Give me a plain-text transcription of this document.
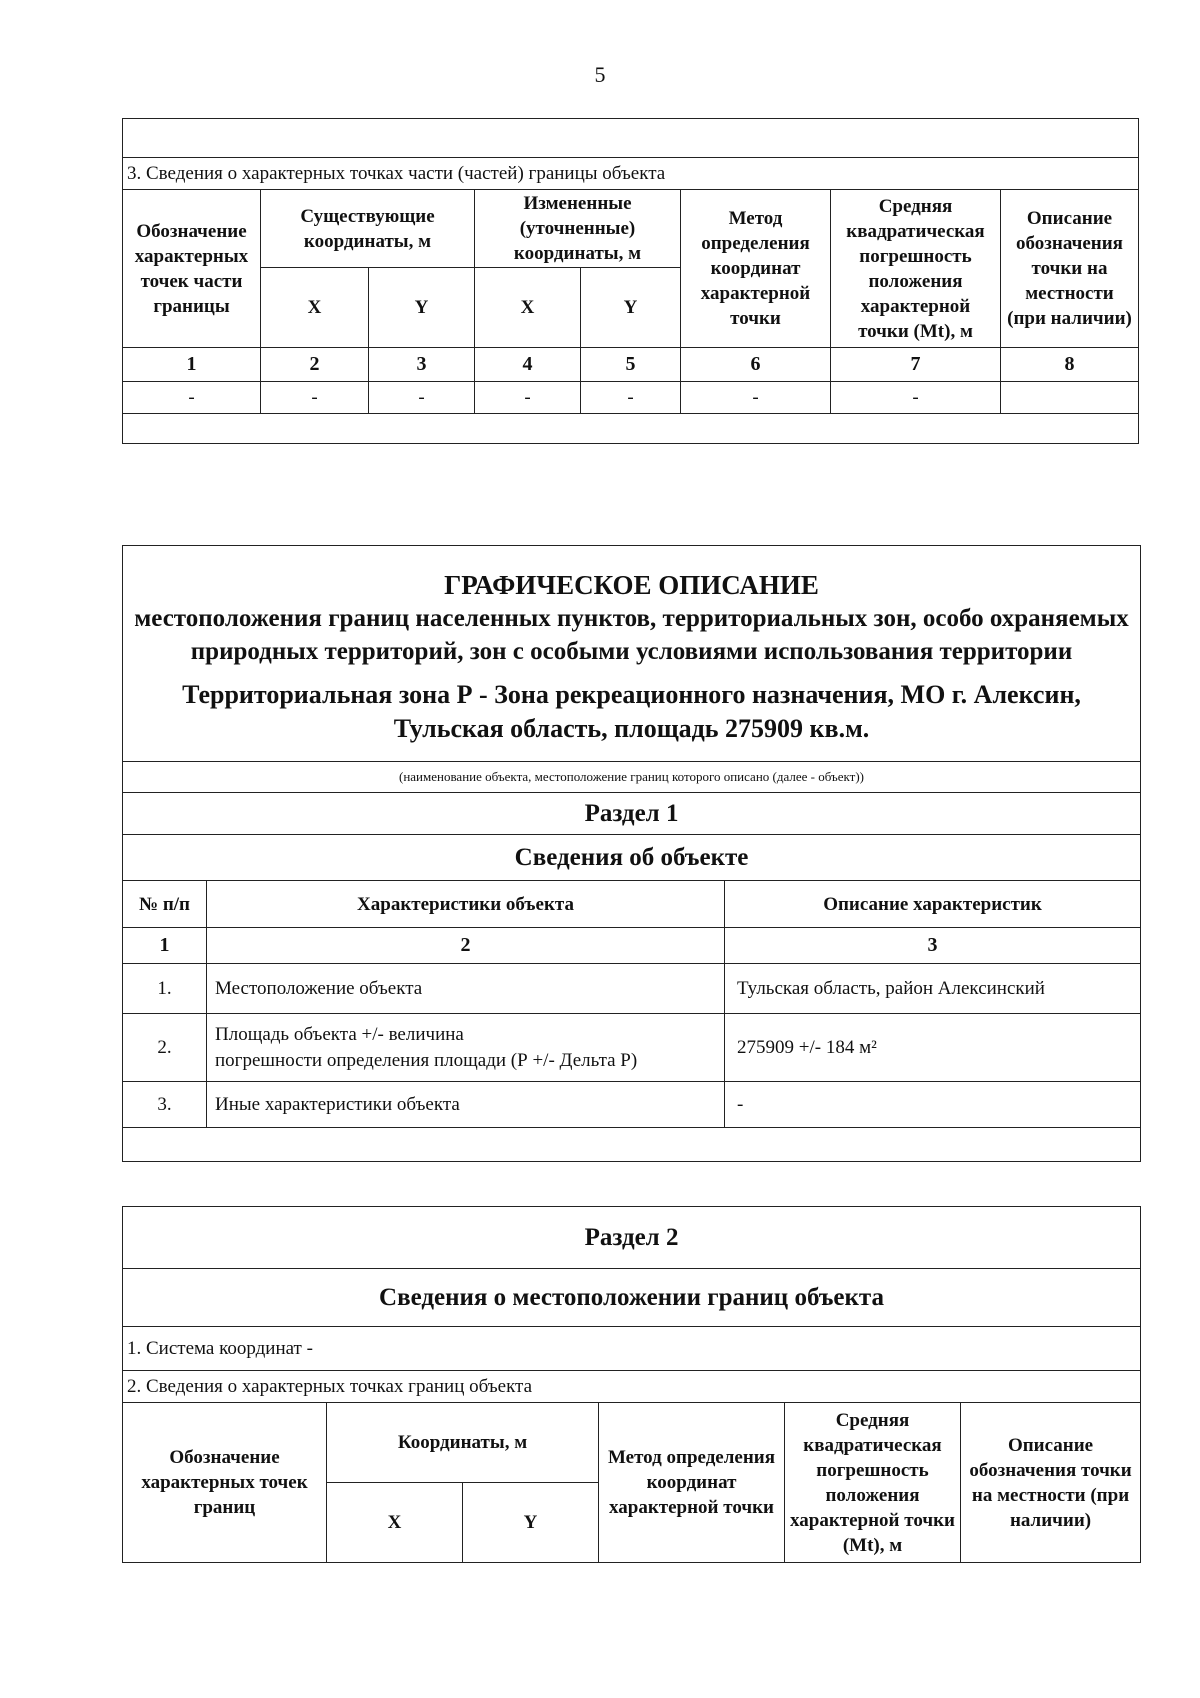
5

3. Сведения о характерных точках части (частей) границы объекта							
Обозначение характерных точек части границы	Существующие координаты, м		Измененные (уточненные) координаты, м		Метод определения координат характерной точки	Средняя квадратическая погрешность положения характерной точки (Mt), м	Описание обозначения точки на местности (при наличии)
	X	Y	X	Y			
1	2	3	4	5	6	7	8
-	-	-	-	-	-	-	

ГРАФИЧЕСКОЕ ОПИСАНИЕ
местоположения границ населенных пунктов, территориальных зон, особо охраняемых природных территорий, зон с особыми условиями использования территории
Территориальная зона Р - Зона рекреационного назначения, МО г. Алексин, Тульская область, площадь 275909 кв.м.		

(наименование объекта, местоположение границ которого описано (далее - объект))		
Раздел 1		
Сведения об объекте		
№ п/п	Характеристики объекта	Описание характеристик
1	2	3
1.	Местоположение объекта	Тульская область, район Алексинский
2.	Площадь объекта +/- величина
погрешности определения площади (Р +/- Дельта Р)	275909 +/- 184 м²
3.	Иные характеристики объекта	-

Раздел 2					
Сведения о местоположении границ объекта					
1. Система координат -					
2. Сведения о характерных точках границ объекта					
Обозначение характерных точек границ	Координаты, м		Метод определения координат характерной точки	Средняя квадратическая погрешность положения характерной точки (Mt), м	Описание обозначения точки на местности (при наличии)
	X	Y			
